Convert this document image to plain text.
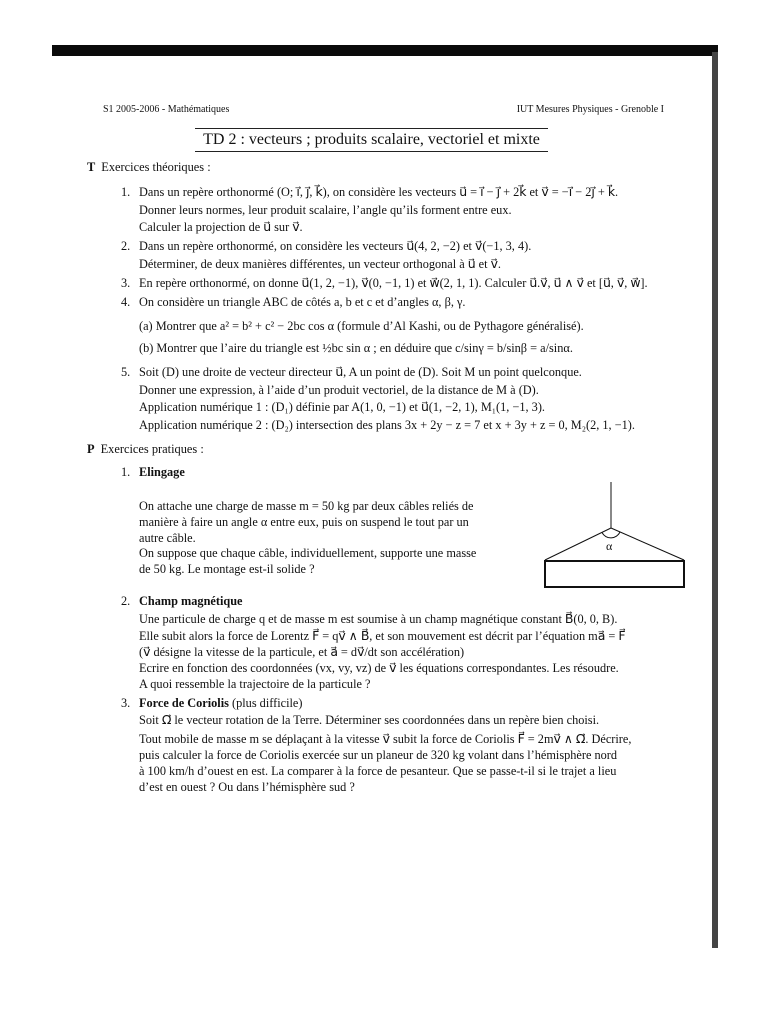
S1 2005-2006 - Mathématiques	IUT Mesures Physiques - Grenoble I
TD 2 : vecteurs ; produits scalaire, vectoriel et mixte
T Exercices théoriques :
1. Dans un repère orthonormé (O; i⃗, j⃗, k⃗), on considère les vecteurs u⃗ = i⃗ − j⃗ + 2k⃗ et v⃗ = −i⃗ − 2j⃗ + k⃗.
Donner leurs normes, leur produit scalaire, l’angle qu’ils forment entre eux.
Calculer la projection de u⃗ sur v⃗.
2. Dans un repère orthonormé, on considère les vecteurs u⃗(4, 2, −2) et v⃗(−1, 3, 4).
Déterminer, de deux manières différentes, un vecteur orthogonal à u⃗ et v⃗.
3. En repère orthonormé, on donne u⃗(1, 2, −1), v⃗(0, −1, 1) et w⃗(2, 1, 1). Calculer u⃗.v⃗, u⃗ ∧ v⃗ et [u⃗, v⃗, w⃗].
4. On considère un triangle ABC de côtés a, b et c et d’angles α, β, γ.
(a) Montrer que a² = b² + c² − 2bc cos α (formule d’Al Kashi, ou de Pythagore généralisé).
(b) Montrer que l’aire du triangle est ½bc sin α ; en déduire que c/sinγ = b/sinβ = a/sinα.
5. Soit (D) une droite de vecteur directeur u⃗, A un point de (D). Soit M un point quelconque.
Donner une expression, à l’aide d’un produit vectoriel, de la distance de M à (D).
Application numérique 1 : (D₁) définie par A(1, 0, −1) et u⃗(1, −2, 1), M₁(1, −1, 3).
Application numérique 2 : (D₂) intersection des plans 3x + 2y − z = 7 et x + 3y + z = 0, M₂(2, 1, −1).
P Exercices pratiques :
1. Elingage
On attache une charge de masse m = 50 kg par deux câbles reliés de
manière à faire un angle α entre eux, puis on suspend le tout par un
autre câble.
On suppose que chaque câble, individuellement, supporte une masse
de 50 kg. Le montage est-il solide ?
α
2. Champ magnétique
Une particule de charge q et de masse m est soumise à un champ magnétique constant B⃗(0, 0, B).
Elle subit alors la force de Lorentz F⃗ = qv⃗ ∧ B⃗, et son mouvement est décrit par l’équation ma⃗ = F⃗
(v⃗ désigne la vitesse de la particule, et a⃗ = dv⃗/dt son accélération)
Ecrire en fonction des coordonnées (vx, vy, vz) de v⃗ les équations correspondantes. Les résoudre.
A quoi ressemble la trajectoire de la particule ?
3. Force de Coriolis (plus difficile)
Soit Ω⃗ le vecteur rotation de la Terre. Déterminer ses coordonnées dans un repère bien choisi.
Tout mobile de masse m se déplaçant à la vitesse v⃗ subit la force de Coriolis F⃗ = 2mv⃗ ∧ Ω⃗. Décrire,
puis calculer la force de Coriolis exercée sur un planeur de 320 kg volant dans l’hémisphère nord
à 100 km/h d’ouest en est. La comparer à la force de pesanteur. Que se passe-t-il si le trajet a lieu
d’est en ouest ? Ou dans l’hémisphère sud ?
